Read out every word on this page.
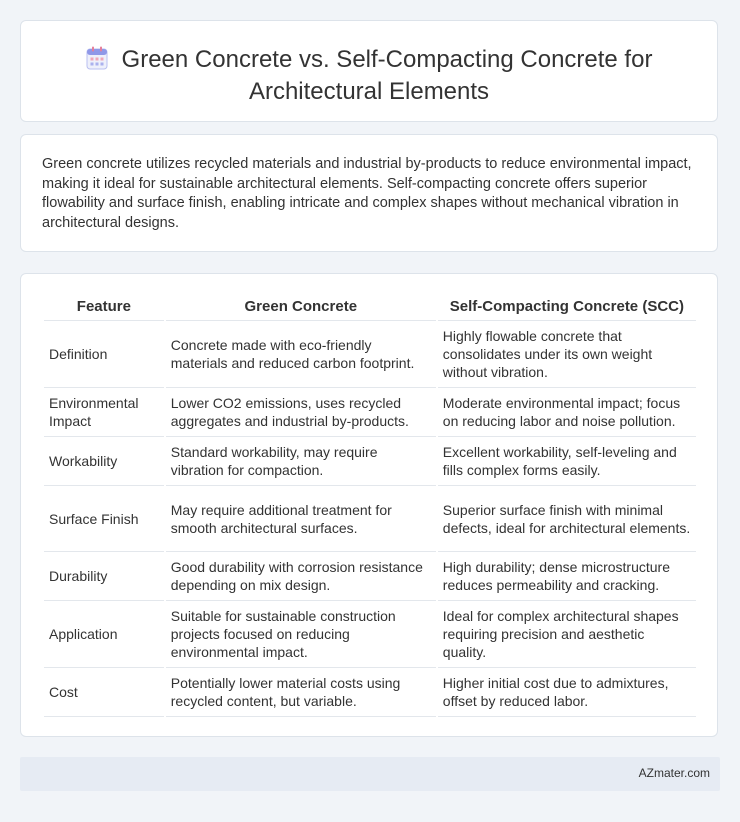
Green Concrete vs. Self-Compacting Concrete for
Architectural Elements
Green concrete utilizes recycled materials and industrial by-products to reduce environmental impact, making it ideal for sustainable architectural elements. Self-compacting concrete offers superior flowability and surface finish, enabling intricate and complex shapes without mechanical vibration in architectural designs.
Feature	Green Concrete	Self-Compacting Concrete (SCC)
Definition	Concrete made with eco-friendly materials and reduced carbon footprint.	Highly flowable concrete that consolidates under its own weight without vibration.
Environmental Impact	Lower CO2 emissions, uses recycled aggregates and industrial by-products.	Moderate environmental impact; focus on reducing labor and noise pollution.
Workability	Standard workability, may require vibration for compaction.	Excellent workability, self-leveling and fills complex forms easily.
Surface Finish	May require additional treatment for smooth architectural surfaces.	Superior surface finish with minimal defects, ideal for architectural elements.
Durability	Good durability with corrosion resistance depending on mix design.	High durability; dense microstructure reduces permeability and cracking.
Application	Suitable for sustainable construction projects focused on reducing environmental impact.	Ideal for complex architectural shapes requiring precision and aesthetic quality.
Cost	Potentially lower material costs using recycled content, but variable.	Higher initial cost due to admixtures, offset by reduced labor.
AZmater.com
